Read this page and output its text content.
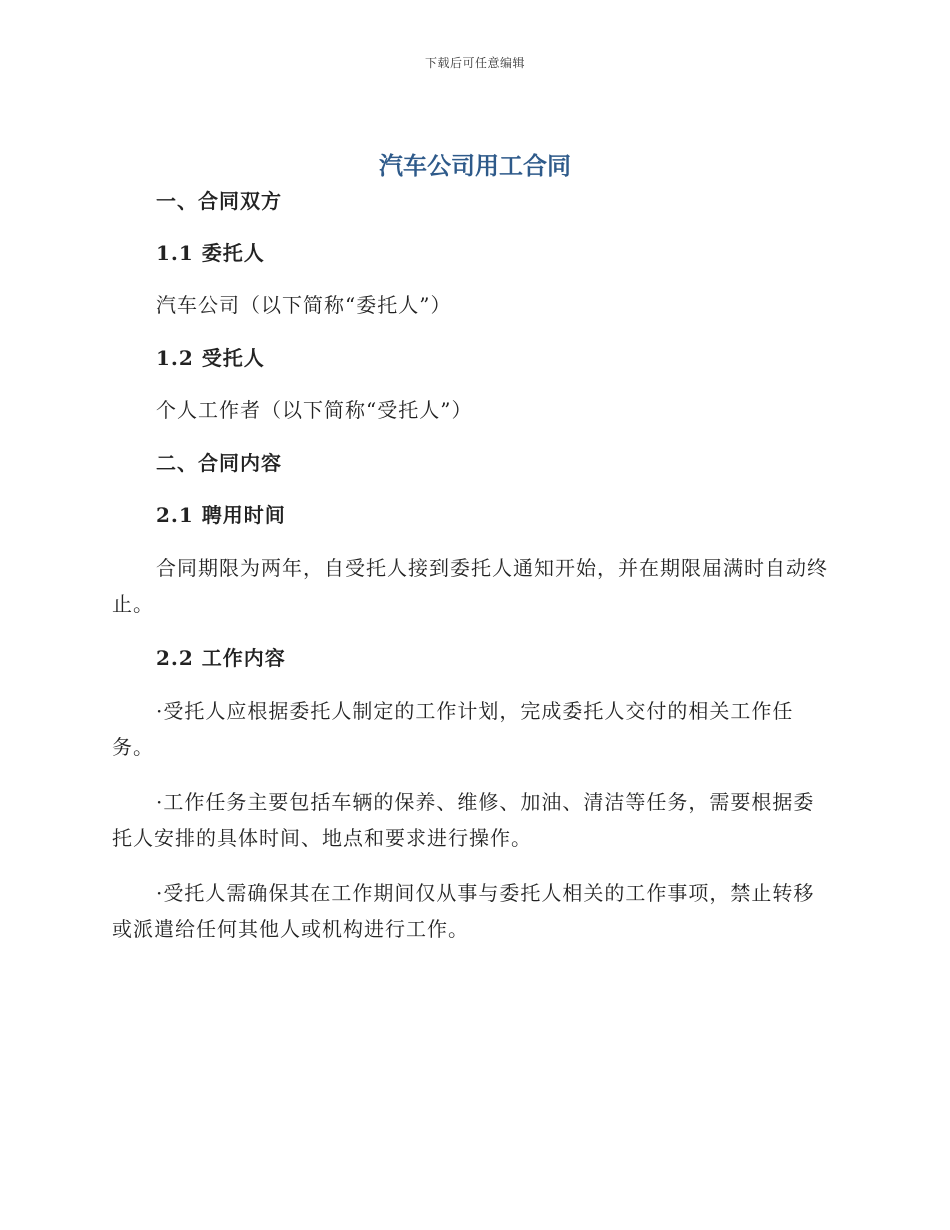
下载后可任意编辑
汽车公司用工合同
一、合同双方
1.1 委托人
汽车公司（以下简称“委托人”）
1.2 受托人
个人工作者（以下简称“受托人”）
二、合同内容
2.1 聘用时间

合同期限为两年，自受托人接到委托人通知开始，并在期限届满时自动终止。

2.2 工作内容

·受托人应根据委托人制定的工作计划，完成委托人交付的相关工作任务。

·工作任务主要包括车辆的保养、维修、加油、清洁等任务，需要根据委托人安排的具体时间、地点和要求进行操作。

·受托人需确保其在工作期间仅从事与委托人相关的工作事项，禁止转移或派遣给任何其他人或机构进行工作。
